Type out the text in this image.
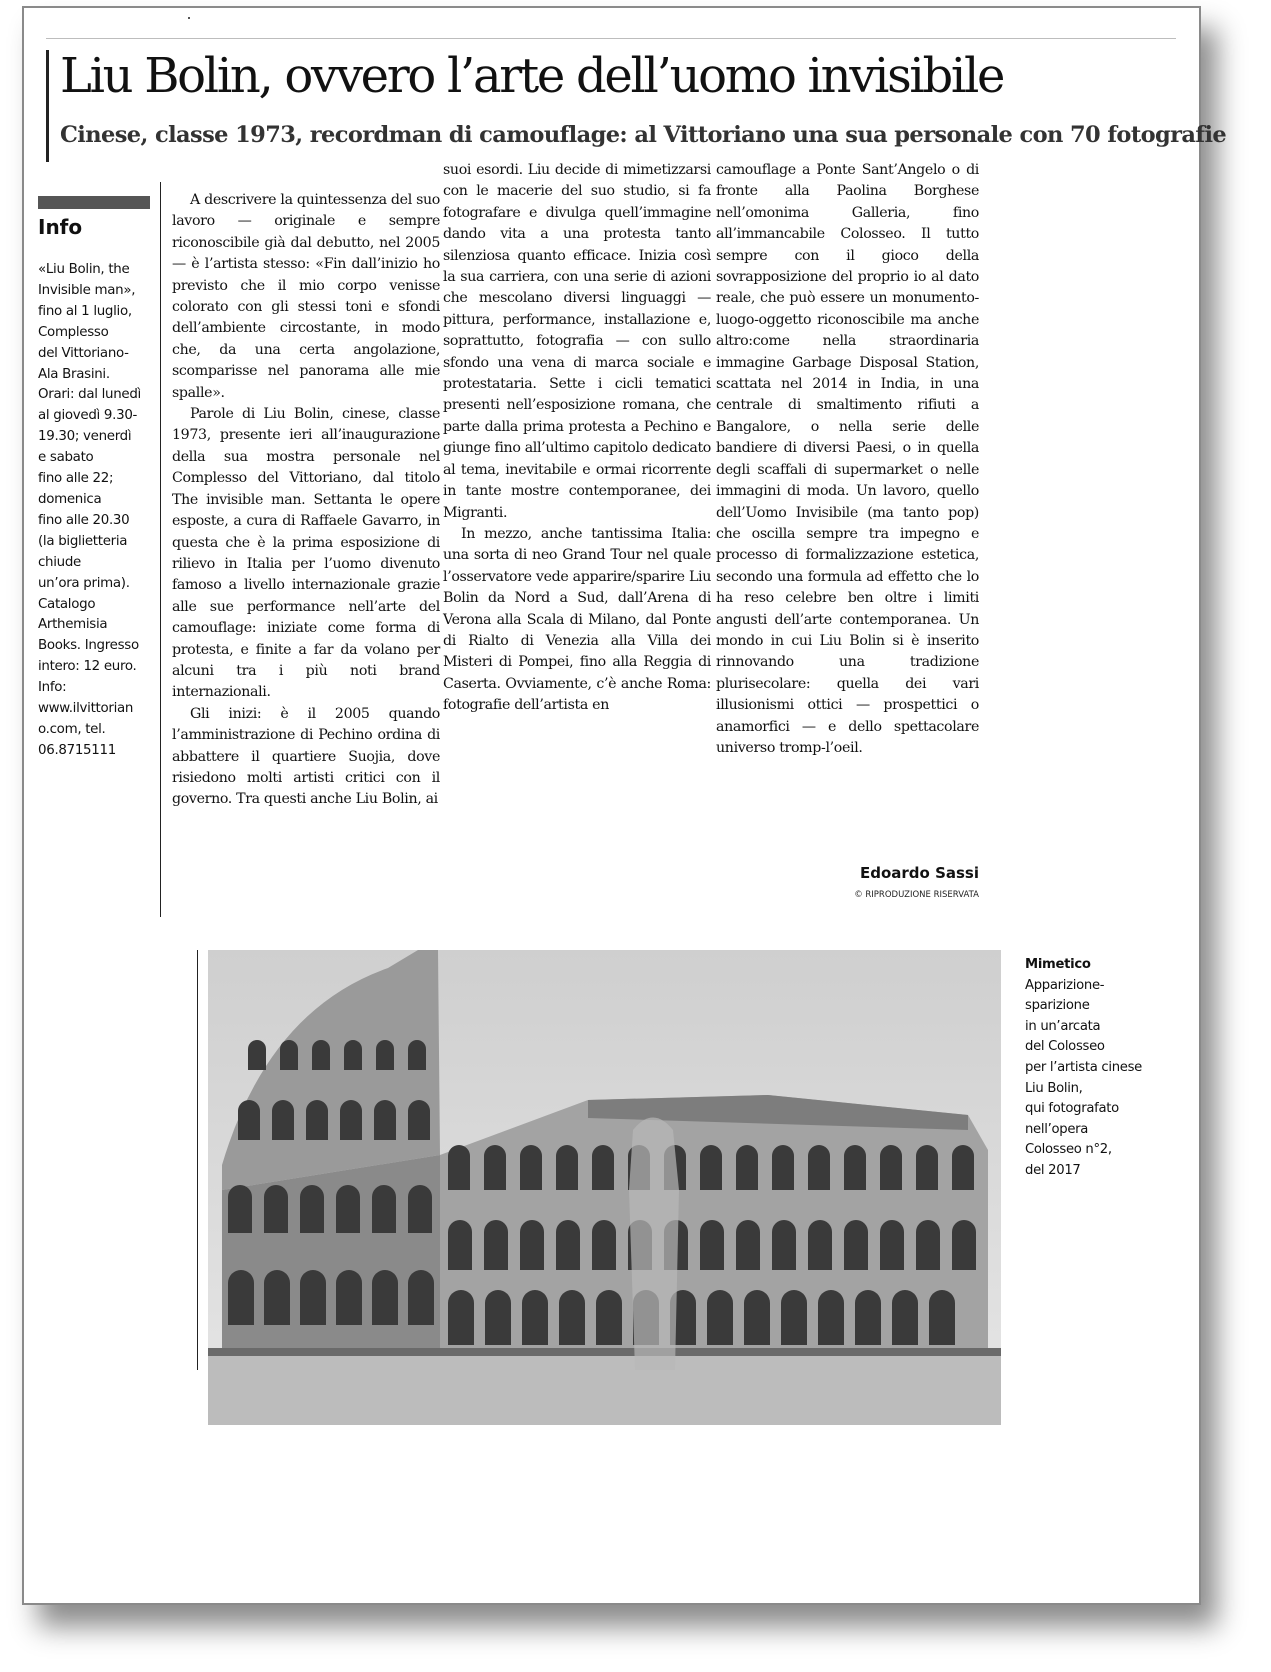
Liu Bolin, ovvero l’arte dell’uomo invisibile
Cinese, classe 1973, recordman di camouflage: al Vittoriano una sua personale con 70 fotografie
Info
«Liu Bolin, the
Invisible man»,
fino al 1 luglio,
Complesso
del Vittoriano-
Ala Brasini.
Orari: dal lunedì
al giovedì 9.30-
19.30; venerdì
e sabato
fino alle 22;
domenica
fino alle 20.30
(la biglietteria
chiude
un’ora prima).
Catalogo
Arthemisia
Books. Ingresso
intero: 12 euro.
Info:
www.ilvittorian
o.com, tel.
06.8715111

A descrivere la quintessenza del suo lavoro — originale e sempre riconoscibile già dal debutto, nel 2005 — è l’artista stesso: «Fin dall’inizio ho previsto che il mio corpo venisse colorato con gli stessi toni e sfondi dell’ambiente circostante, in modo che, da una certa angolazione, scomparisse nel panorama alle mie spalle».

Parole di Liu Bolin, cinese, classe 1973, presente ieri all’inaugurazione della sua mostra personale nel Complesso del Vittoriano, dal titolo The invisible man. Settanta le opere esposte, a cura di Raffaele Gavarro, in questa che è la prima esposizione di rilievo in Italia per l’uomo divenuto famoso a livello internazionale grazie alle sue performance nell’arte del camouflage: iniziate come forma di protesta, e finite a far da volano per alcuni tra i più noti brand internazionali.

Gli inizi: è il 2005 quando l’amministrazione di Pechino ordina di abbattere il quartiere Suojia, dove risiedono molti artisti critici con il governo. Tra questi anche Liu Bolin, ai

suoi esordi. Liu decide di mimetizzarsi con le macerie del suo studio, si fa fotografare e divulga quell’immagine dando vita a una protesta tanto silenziosa quanto efficace. Inizia così la sua carriera, con una serie di azioni che mescolano diversi linguaggi — pittura, performance, installazione e, soprattutto, fotografia — con sullo sfondo una vena di marca sociale e protestataria. Sette i cicli tematici presenti nell’esposizione romana, che parte dalla prima protesta a Pechino e giunge fino all’ultimo capitolo dedicato al tema, inevitabile e ormai ricorrente in tante mostre contemporanee, dei Migranti.

In mezzo, anche tantissima Italia: una sorta di neo Grand Tour nel quale l’osservatore vede apparire/sparire Liu Bolin da Nord a Sud, dall’Arena di Verona alla Scala di Milano, dal Ponte di Rialto di Venezia alla Villa dei Misteri di Pompei, fino alla Reggia di Caserta. Ovviamente, c’è anche Roma: fotografie dell’artista en

camouflage a Ponte Sant’Angelo o di fronte alla Paolina Borghese nell’omonima Galleria, fino all’immancabile Colosseo. Il tutto sempre con il gioco della sovrapposizione del proprio io al dato reale, che può essere un monumento-luogo-oggetto riconoscibile ma anche altro:come nella straordinaria immagine Garbage Disposal Station, scattata nel 2014 in India, in una centrale di smaltimento rifiuti a Bangalore, o nella serie delle bandiere di diversi Paesi, o in quella degli scaffali di supermarket o nelle immagini di moda. Un lavoro, quello dell’Uomo Invisibile (ma tanto pop) che oscilla sempre tra impegno e processo di formalizzazione estetica, secondo una formula ad effetto che lo ha reso celebre ben oltre i limiti angusti dell’arte contemporanea. Un mondo in cui Liu Bolin si è inserito rinnovando una tradizione plurisecolare: quella dei vari illusionismi ottici — prospettici o anamorfici — e dello spettacolare universo tromp-l’oeil.

Edoardo Sassi
© RIPRODUZIONE RISERVATA
Mimetico
Apparizione-
sparizione
in un’arcata
del Colosseo
per l’artista cinese
Liu Bolin,
qui fotografato
nell’opera
Colosseo n°2,
del 2017
